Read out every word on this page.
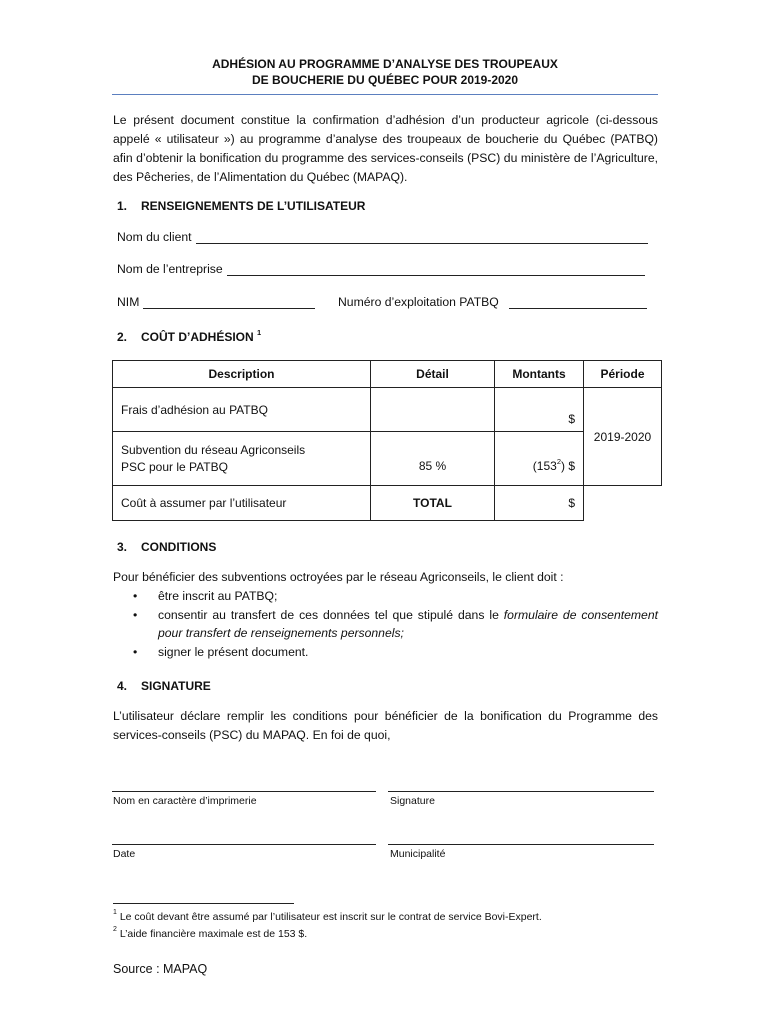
ADHÉSION AU PROGRAMME D’ANALYSE DES TROUPEAUX
DE BOUCHERIE DU QUÉBEC POUR 2019-2020
Le présent document constitue la confirmation d’adhésion d’un producteur agricole (ci-dessous appelé « utilisateur ») au programme d’analyse des troupeaux de boucherie du Québec (PATBQ) afin d’obtenir la bonification du programme des services-conseils (PSC) du ministère de l’Agriculture, des Pêcheries, de l’Alimentation du Québec (MAPAQ).
1. RENSEIGNEMENTS DE L’UTILISATEUR
Nom du client
Nom de l’entreprise
NIM	Numéro d’exploitation PATBQ
2. COÛT D’ADHÉSION $^1$
Description	Détail	Montants	Période
Frais d’adhésion au PATBQ		$	2019-2020
Subvention du réseau Agriconseils
PSC pour le PATBQ	85 %	$(153^2)$ $	
Coût à assumer par l’utilisateur	TOTAL	$	
3. CONDITIONS
Pour bénéficier des subventions octroyées par le réseau Agriconseils, le client doit :
• être inscrit au PATBQ;
• consentir au transfert de ces données tel que stipulé dans le formulaire de consentement pour transfert de renseignements personnels;
• signer le présent document.
4. SIGNATURE
L’utilisateur déclare remplir les conditions pour bénéficier de la bonification du Programme des services-conseils (PSC) du MAPAQ. En foi de quoi,
Nom en caractère d’imprimerie	Signature
Date	Municipalité
$^1$ Le coût devant être assumé par l’utilisateur est inscrit sur le contrat de service Bovi-Expert.
$^2$ L’aide financière maximale est de 153 $.
Source : MAPAQ
